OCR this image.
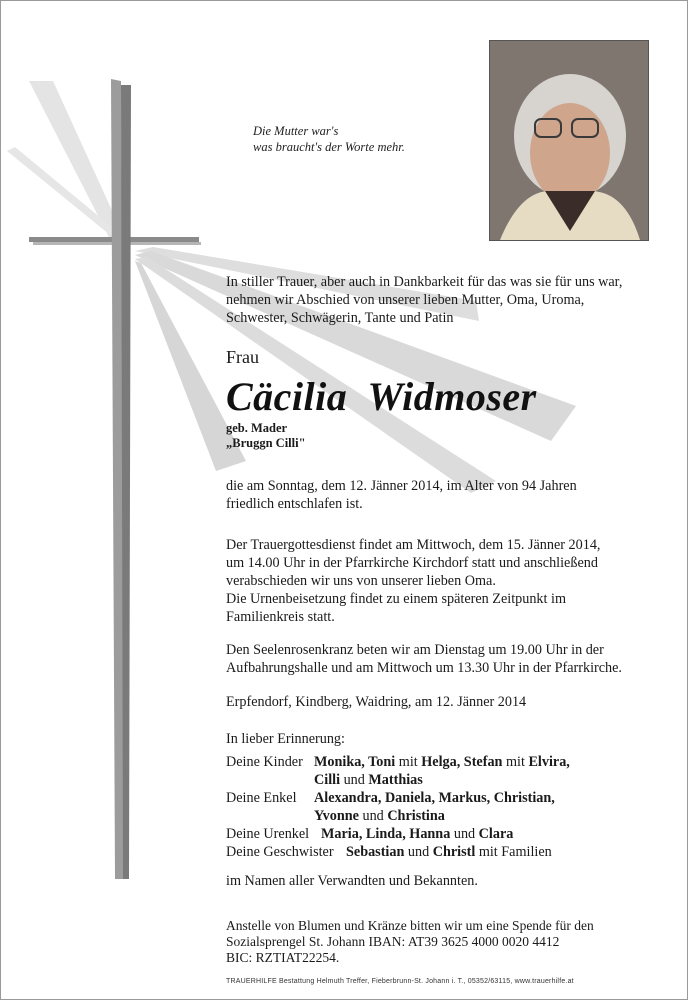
Die Mutter war's
was braucht's der Worte mehr.
In stiller Trauer, aber auch in Dankbarkeit für das was sie für uns war,
nehmen wir Abschied von unserer lieben Mutter, Oma, Uroma,
Schwester, Schwägerin, Tante und Patin
Frau
Cäcilia  Widmoser
geb. Mader
„Bruggn Cilli"
die am Sonntag, dem 12. Jänner 2014, im Alter von 94 Jahren
friedlich entschlafen ist.
Der Trauergottesdienst findet am Mittwoch, dem 15. Jänner 2014,
um 14.00 Uhr in der Pfarrkirche Kirchdorf statt und anschließend
verabschieden wir uns von unserer lieben Oma.
Die Urnenbeisetzung findet zu einem späteren Zeitpunkt im
Familienkreis statt.
Den Seelenrosenkranz beten wir am Dienstag um 19.00 Uhr in der
Aufbahrungshalle und am Mittwoch um 13.30 Uhr in der Pfarrkirche.
Erpfendorf, Kindberg, Waidring, am 12. Jänner 2014
In lieber Erinnerung:
Deine Kinder Monika, Toni mit Helga, Stefan mit Elvira,
Cilli und Matthias
Deine Enkel Alexandra, Daniela, Markus, Christian,
Yvonne und Christina
Deine Urenkel Maria, Linda, Hanna und Clara
Deine Geschwister Sebastian und Christl mit Familien
im Namen aller Verwandten und Bekannten.
Anstelle von Blumen und Kränze bitten wir um eine Spende für den
Sozialsprengel St. Johann IBAN: AT39 3625 4000 0020 4412
BIC: RZTIAT22254.
TRAUERHILFE Bestattung Helmuth Treffer, Fieberbrunn-St. Johann i. T., 05352/63115, www.trauerhilfe.at
